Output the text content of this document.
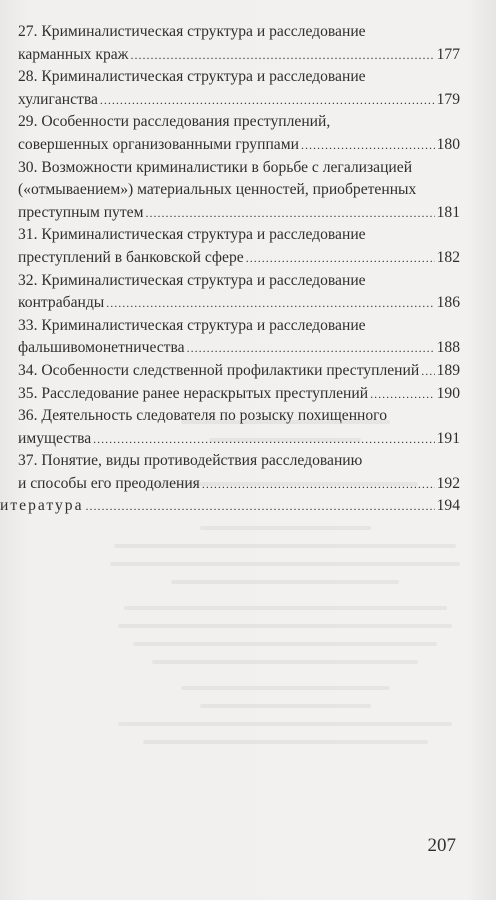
27. Криминалистическая структура и расследование
карманных краж .....	177
28. Криминалистическая структура и расследование
хулиганства .....	179
29. Особенности расследования преступлений,
совершенных организованными группами .....	180
30. Возможности криминалистики в борьбе с легализацией
(«отмываением») материальных ценностей, приобретенных
преступным путем .....	181
31. Криминалистическая структура и расследование
преступлений в банковской сфере .....	182
32. Криминалистическая структура и расследование
контрабанды .....	186
33. Криминалистическая структура и расследование
фальшивомонетничества .....	188
34. Особенности следственной профилактики преступлений ..... 189
35. Расследование ранее нераскрытых преступлений .....	190
36. Деятельность следователя по розыску похищенного
имущества .....	191
37. Понятие, виды противодействия расследованию
и способы его преодоления .....	192
итература .....	194
207
